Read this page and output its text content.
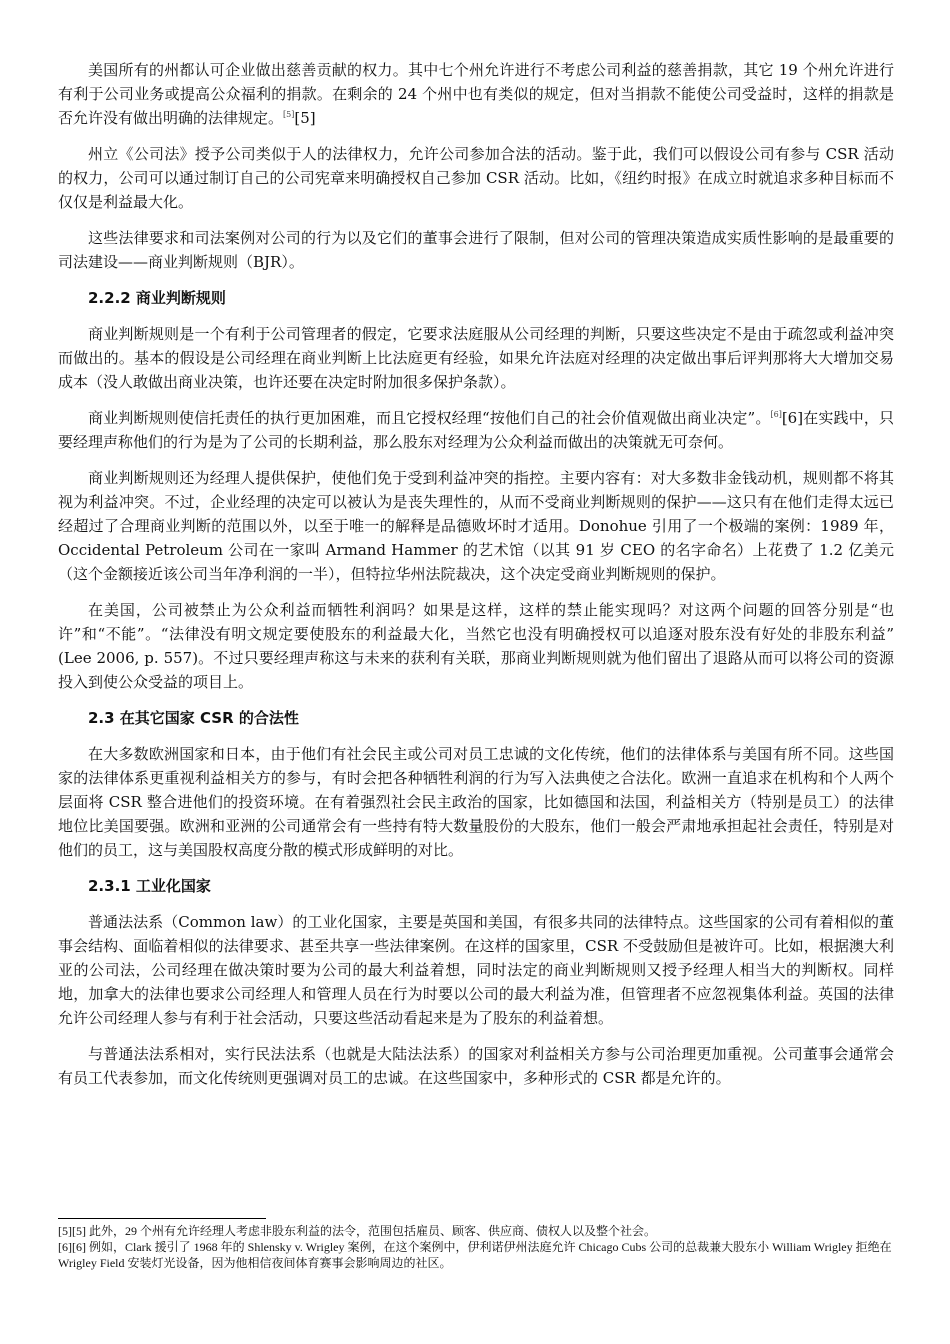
美国所有的州都认可企业做出慈善贡献的权力。其中七个州允许进行不考虑公司利益的慈善捐款，其它 19 个州允许进行有利于公司业务或提高公众福利的捐款。在剩余的 24 个州中也有类似的规定，但对当捐款不能使公司受益时，这样的捐款是否允许没有做出明确的法律规定。[5][5]

州立《公司法》授予公司类似于人的法律权力，允许公司参加合法的活动。鉴于此，我们可以假设公司有参与 CSR 活动的权力，公司可以通过制订自己的公司宪章来明确授权自己参加 CSR 活动。比如，《纽约时报》在成立时就追求多种目标而不仅仅是利益最大化。

这些法律要求和司法案例对公司的行为以及它们的董事会进行了限制，但对公司的管理决策造成实质性影响的是最重要的司法建设——商业判断规则（BJR）。

2.2.2 商业判断规则

商业判断规则是一个有利于公司管理者的假定，它要求法庭服从公司经理的判断，只要这些决定不是由于疏忽或利益冲突而做出的。基本的假设是公司经理在商业判断上比法庭更有经验，如果允许法庭对经理的决定做出事后评判那将大大增加交易成本（没人敢做出商业决策，也许还要在决定时附加很多保护条款）。

商业判断规则使信托责任的执行更加困难，而且它授权经理“按他们自己的社会价值观做出商业决定”。[6][6]在实践中，只要经理声称他们的行为是为了公司的长期利益，那么股东对经理为公众利益而做出的决策就无可奈何。

商业判断规则还为经理人提供保护，使他们免于受到利益冲突的指控。主要内容有：对大多数非金钱动机，规则都不将其视为利益冲突。不过，企业经理的决定可以被认为是丧失理性的，从而不受商业判断规则的保护——这只有在他们走得太远已经超过了合理商业判断的范围以外，以至于唯一的解释是品德败坏时才适用。Donohue 引用了一个极端的案例：1989 年，Occidental Petroleum 公司在一家叫 Armand Hammer 的艺术馆（以其 91 岁 CEO 的名字命名）上花费了 1.2 亿美元（这个金额接近该公司当年净利润的一半），但特拉华州法院裁决，这个决定受商业判断规则的保护。

在美国，公司被禁止为公众利益而牺牲利润吗？如果是这样，这样的禁止能实现吗？对这两个问题的回答分别是“也许”和“不能”。“法律没有明文规定要使股东的利益最大化，当然它也没有明确授权可以追逐对股东没有好处的非股东利益” (Lee 2006, p. 557)。不过只要经理声称这与未来的获利有关联，那商业判断规则就为他们留出了退路从而可以将公司的资源投入到使公众受益的项目上。

2.3 在其它国家 CSR 的合法性

在大多数欧洲国家和日本，由于他们有社会民主或公司对员工忠诚的文化传统，他们的法律体系与美国有所不同。这些国家的法律体系更重视利益相关方的参与，有时会把各种牺牲利润的行为写入法典使之合法化。欧洲一直追求在机构和个人两个层面将 CSR 整合进他们的投资环境。在有着强烈社会民主政治的国家，比如德国和法国，利益相关方（特别是员工）的法律地位比美国要强。欧洲和亚洲的公司通常会有一些持有特大数量股份的大股东，他们一般会严肃地承担起社会责任，特别是对他们的员工，这与美国股权高度分散的模式形成鲜明的对比。

2.3.1 工业化国家

普通法法系（Common law）的工业化国家，主要是英国和美国，有很多共同的法律特点。这些国家的公司有着相似的董事会结构、面临着相似的法律要求、甚至共享一些法律案例。在这样的国家里，CSR 不受鼓励但是被许可。比如，根据澳大利亚的公司法，公司经理在做决策时要为公司的最大利益着想，同时法定的商业判断规则又授予经理人相当大的判断权。同样地，加拿大的法律也要求公司经理人和管理人员在行为时要以公司的最大利益为准，但管理者不应忽视集体利益。英国的法律允许公司经理人参与有利于社会活动，只要这些活动看起来是为了股东的利益着想。

与普通法法系相对，实行民法法系（也就是大陆法法系）的国家对利益相关方参与公司治理更加重视。公司董事会通常会有员工代表参加，而文化传统则更强调对员工的忠诚。在这些国家中，多种形式的 CSR 都是允许的。

[5][5] 此外，29 个州有允许经理人考虑非股东利益的法令，范围包括雇员、顾客、供应商、债权人以及整个社会。

[6][6] 例如，Clark 援引了 1968 年的 Shlensky v. Wrigley 案例，在这个案例中，伊利诺伊州法庭允许 Chicago Cubs 公司的总裁兼大股东小 William Wrigley 拒绝在 Wrigley Field 安装灯光设备，因为他相信夜间体育赛事会影响周边的社区。
